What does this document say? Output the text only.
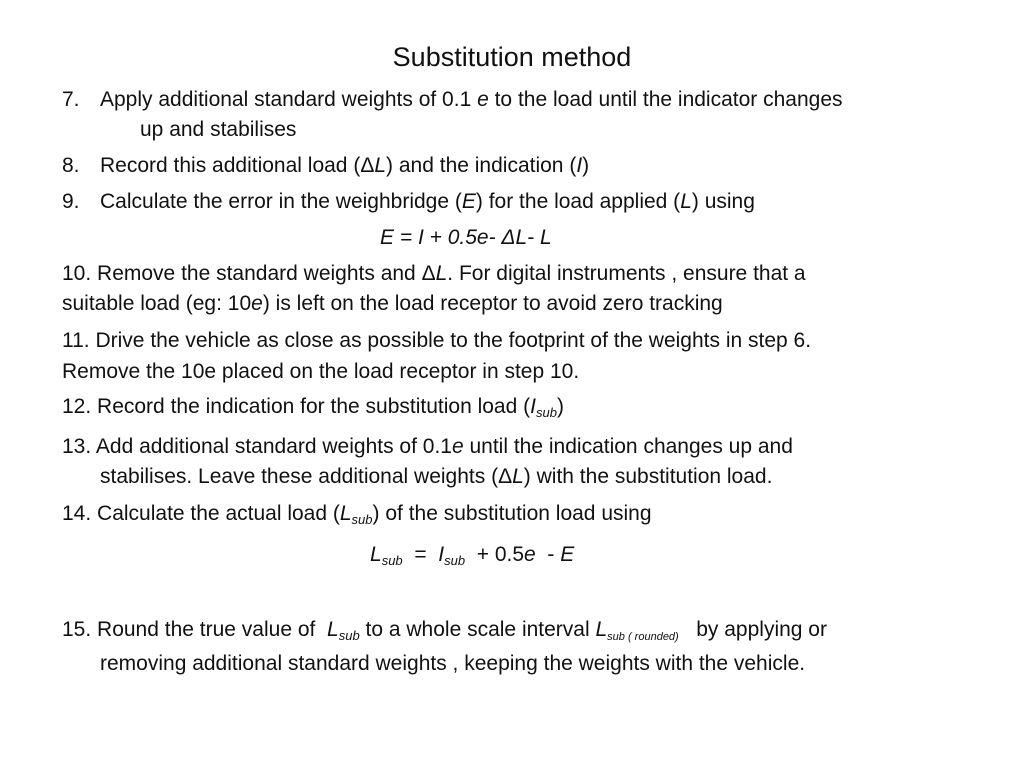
Substitution method
7. Apply additional standard weights of 0.1 e to the load until the indicator changes
up and stabilises
8. Record this additional load (ΔL) and the indication (I)
9. Calculate the error in the weighbridge (E) for the load applied (L) using
E = I + 0.5e- ΔL- L
10. Remove the standard weights and ΔL. For digital instruments , ensure that a
suitable load (eg: 10e) is left on the load receptor to avoid zero tracking
11. Drive the vehicle as close as possible to the footprint of the weights in step 6.
Remove the 10e placed on the load receptor in step 10.
12. Record the indication for the substitution load $(I_{sub})$
13. Add additional standard weights of 0.1e until the indication changes up and
stabilises. Leave these additional weights (ΔL) with the substitution load.
14. Calculate the actual load $(L_{sub})$ of the substitution load using
$L_{sub} = I_{sub} + 0.5e - E$
15. Round the true value of  $L_{sub}$ to a whole scale interval $L_{sub ( rounded)}$   by applying or
removing additional standard weights , keeping the weights with the vehicle.
